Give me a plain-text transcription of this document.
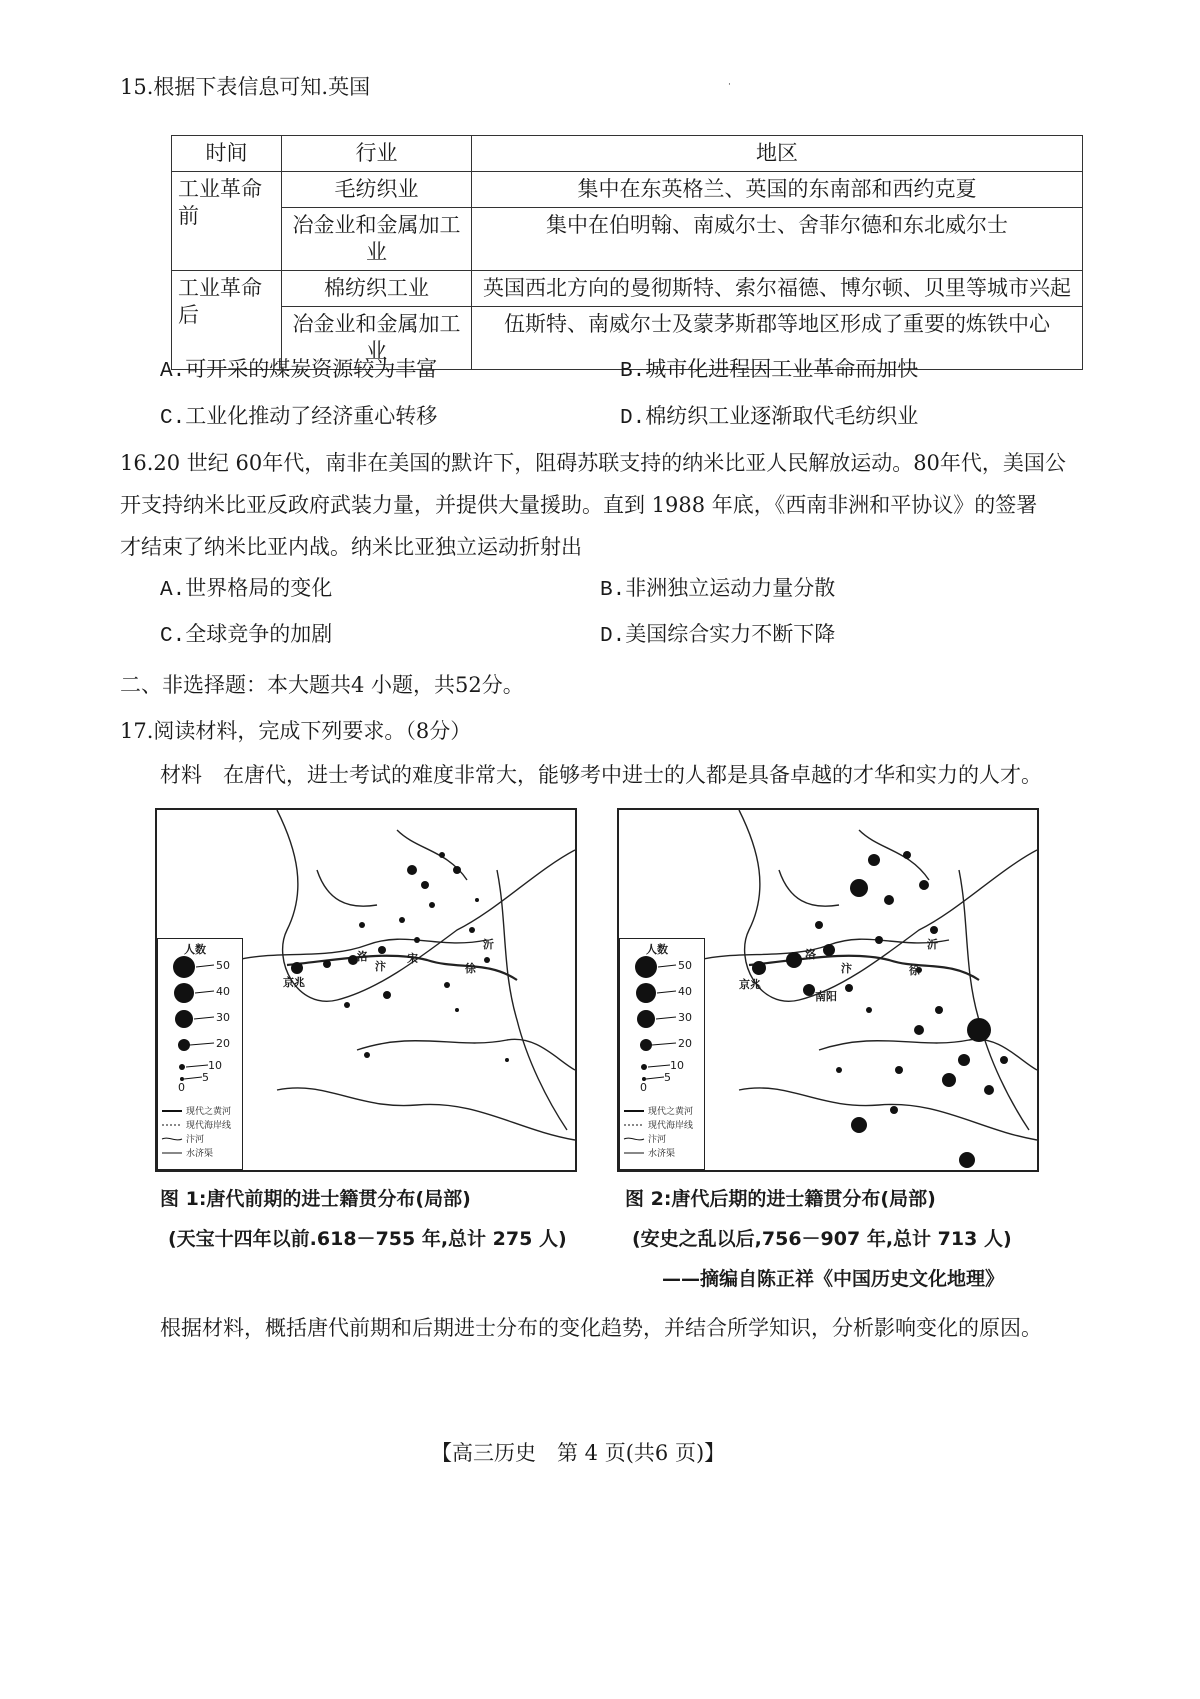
15.根据下表信息可知.英国	·
时间	行业	地区
工业革命前	毛纺织业	集中在东英格兰、英国的东南部和西约克夏
	冶金业和金属加工业	集中在伯明翰、南威尔士、舍菲尔德和东北威尔士
工业革命后	棉纺织工业	英国西北方向的曼彻斯特、索尔福德、博尔顿、贝里等城市兴起
	冶金业和金属加工业	伍斯特、南威尔士及蒙茅斯郡等地区形成了重要的炼铁中心
A.可开采的煤炭资源较为丰富	B.城市化进程因工业革命而加快
C.工业化推动了经济重心转移	D.棉纺织工业逐渐取代毛纺织业
16.20 世纪 60年代，南非在美国的默许下，阻碍苏联支持的纳米比亚人民解放运动。80年代，美国公
开支持纳米比亚反政府武装力量，并提供大量援助。直到 1988 年底，《西南非洲和平协议》的签署
才结束了纳米比亚内战。纳米比亚独立运动折射出
A.世界格局的变化	B.非洲独立运动力量分散
C.全球竞争的加剧	D.美国综合实力不断下降
二、非选择题：本大题共4 小题，共52分。
17.阅读材料，完成下列要求。（8分）
材料　在唐代，进士考试的难度非常大，能够考中进士的人都是具备卓越的才华和实力的人才。
人数
50
40
30
20
10
5
0
现代之黄河
现代海岸线
汴河
水济渠
京兆
洛
汴
宋
徐
沂	人数
50
40
30
20
10
5
0
现代之黄河
现代海岸线
汴河
水济渠
京兆
洛
南阳
汴	徐
沂
图 1:唐代前期的进士籍贯分布(局部)
(天宝十四年以前.618－755 年,总计 275 人)
图 2:唐代后期的进士籍贯分布(局部)
(安史之乱以后,756－907 年,总计 713 人)
——摘编自陈正祥《中国历史文化地理》
根据材料，概括唐代前期和后期进士分布的变化趋势，并结合所学知识，分析影响变化的原因。
【高三历史　第 4 页(共6 页)】
